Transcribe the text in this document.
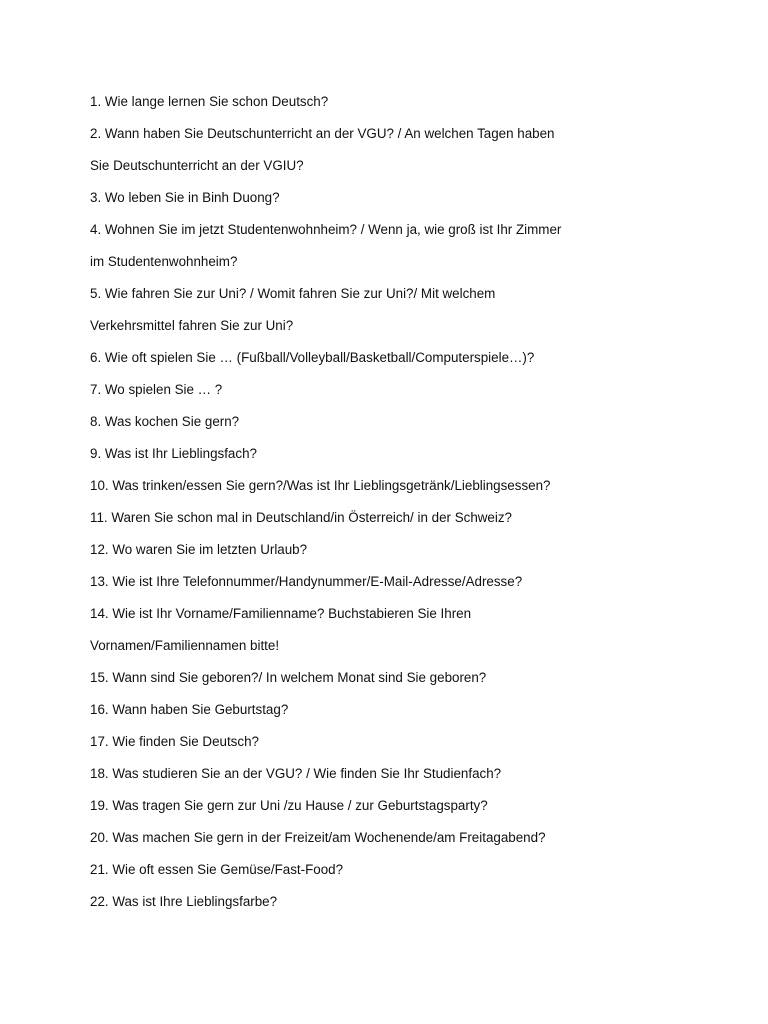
1. Wie lange lernen Sie schon Deutsch?
2. Wann haben Sie Deutschunterricht an der VGU? / An welchen Tagen haben
Sie Deutschunterricht an der VGIU?
3. Wo leben Sie in Binh Duong?
4. Wohnen Sie im jetzt Studentenwohnheim? / Wenn ja, wie groß ist Ihr Zimmer
im Studentenwohnheim?
5. Wie fahren Sie zur Uni? / Womit fahren Sie zur Uni?/ Mit welchem
Verkehrsmittel fahren Sie zur Uni?
6. Wie oft spielen Sie … (Fußball/Volleyball/Basketball/Computerspiele…)?
7. Wo spielen Sie … ?
8. Was kochen Sie gern?
9. Was ist Ihr Lieblingsfach?
10. Was trinken/essen Sie gern?/Was ist Ihr Lieblingsgetränk/Lieblingsessen?
11. Waren Sie schon mal in Deutschland/in Österreich/ in der Schweiz?
12. Wo waren Sie im letzten Urlaub?
13. Wie ist Ihre Telefonnummer/Handynummer/E-Mail-Adresse/Adresse?
14. Wie ist Ihr Vorname/Familienname? Buchstabieren Sie Ihren
Vornamen/Familiennamen bitte!
15. Wann sind Sie geboren?/ In welchem Monat sind Sie geboren?
16. Wann haben Sie Geburtstag?
17. Wie finden Sie Deutsch?
18. Was studieren Sie an der VGU? / Wie finden Sie Ihr Studienfach?
19. Was tragen Sie gern zur Uni /zu Hause / zur Geburtstagsparty?
20. Was machen Sie gern in der Freizeit/am Wochenende/am Freitagabend?
21. Wie oft essen Sie Gemüse/Fast-Food?
22. Was ist Ihre Lieblingsfarbe?
